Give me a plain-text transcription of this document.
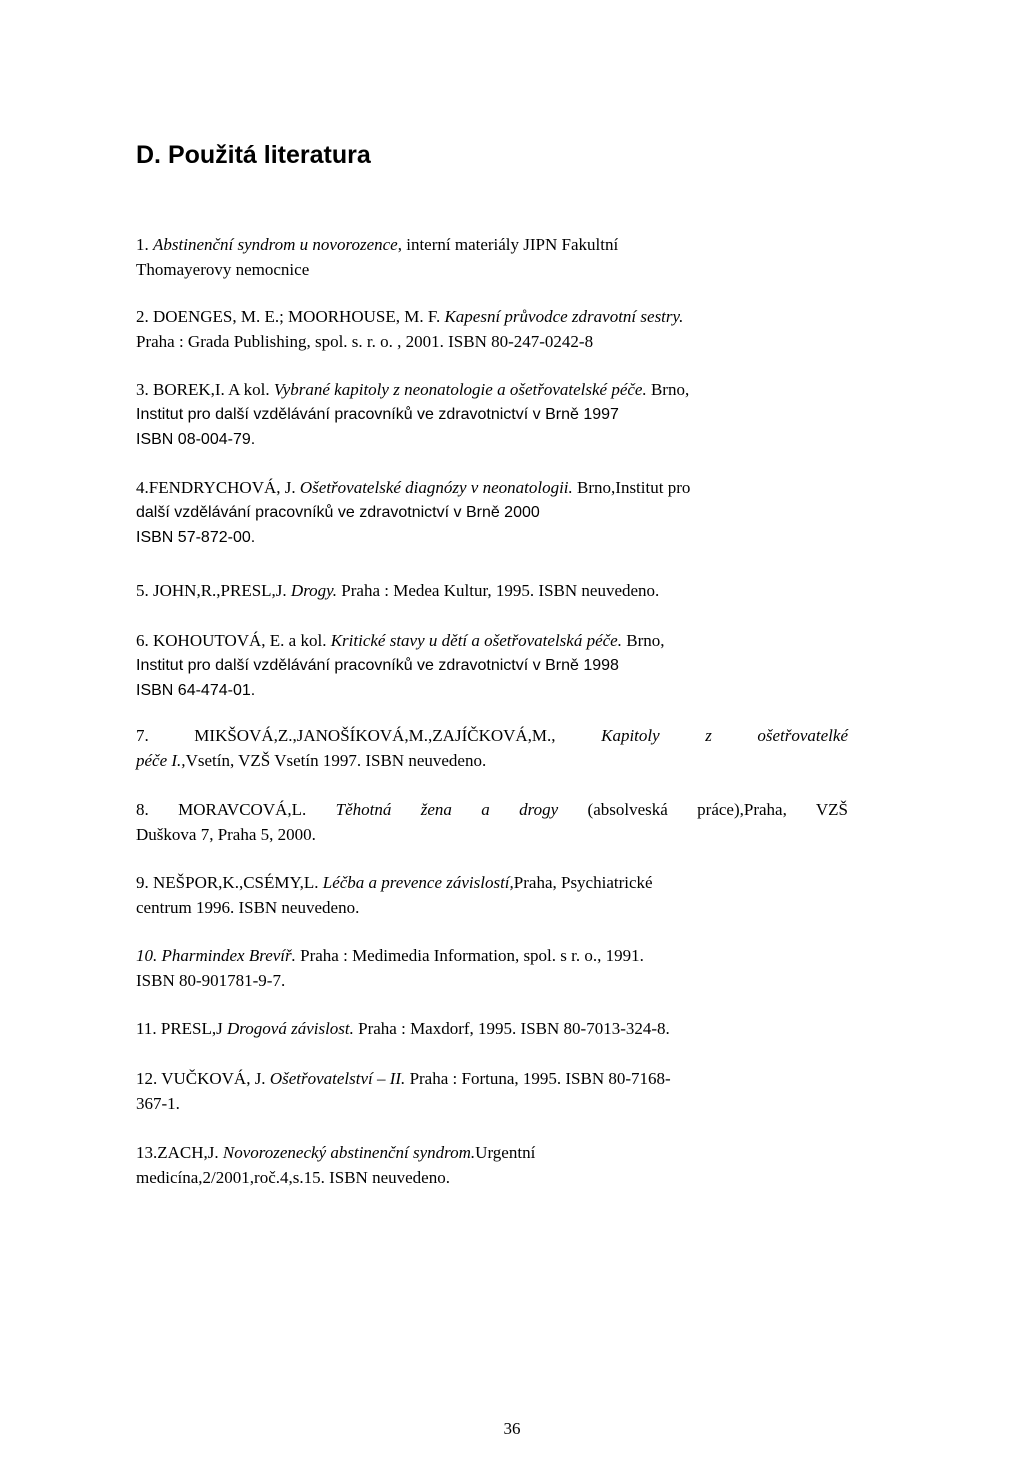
D. Použitá literatura
1. Abstinenční syndrom u novorozence, interní materiály JIPN Fakultní
Thomayerovy nemocnice
2. DOENGES, M. E.; MOORHOUSE, M. F. Kapesní průvodce zdravotní sestry.
Praha : Grada Publishing, spol. s. r. o. , 2001. ISBN 80-247-0242-8
3. BOREK,I. A kol. Vybrané kapitoly z neonatologie a ošetřovatelské péče. Brno,
Institut pro další vzdělávání pracovníků ve zdravotnictví v Brně 1997
ISBN 08-004-79.
4.FENDRYCHOVÁ, J. Ošetřovatelské diagnózy v neonatologii. Brno,Institut pro
další vzdělávání pracovníků ve zdravotnictví v Brně 2000
ISBN 57-872-00.
5. JOHN,R.,PRESL,J. Drogy. Praha : Medea Kultur, 1995. ISBN neuvedeno.
6. KOHOUTOVÁ, E. a kol. Kritické stavy u dětí a ošetřovatelská péče. Brno,
Institut pro další vzdělávání pracovníků ve zdravotnictví v Brně 1998
ISBN 64-474-01.
7. MIKŠOVÁ,Z.,JANOŠÍKOVÁ,M.,ZAJÍČKOVÁ,M., Kapitoly z ošetřovatelké
péče I.,Vsetín, VZŠ Vsetín 1997. ISBN neuvedeno.
8. MORAVCOVÁ,L. Těhotná žena a drogy (absolveská práce),Praha, VZŠ
Duškova 7, Praha 5, 2000.
9. NEŠPOR,K.,CSÉMY,L. Léčba a prevence závislostí,Praha, Psychiatrické
centrum 1996. ISBN neuvedeno.
10. Pharmindex Brevíř. Praha : Medimedia Information, spol. s r. o., 1991.
ISBN 80-901781-9-7.
11. PRESL,J Drogová závislost. Praha : Maxdorf, 1995. ISBN 80-7013-324-8.
12. VUČKOVÁ, J. Ošetřovatelství – II. Praha : Fortuna, 1995. ISBN 80-7168-
367-1.
13.ZACH,J. Novorozenecký abstinenční syndrom.Urgentní
medicína,2/2001,roč.4,s.15. ISBN neuvedeno.
36
